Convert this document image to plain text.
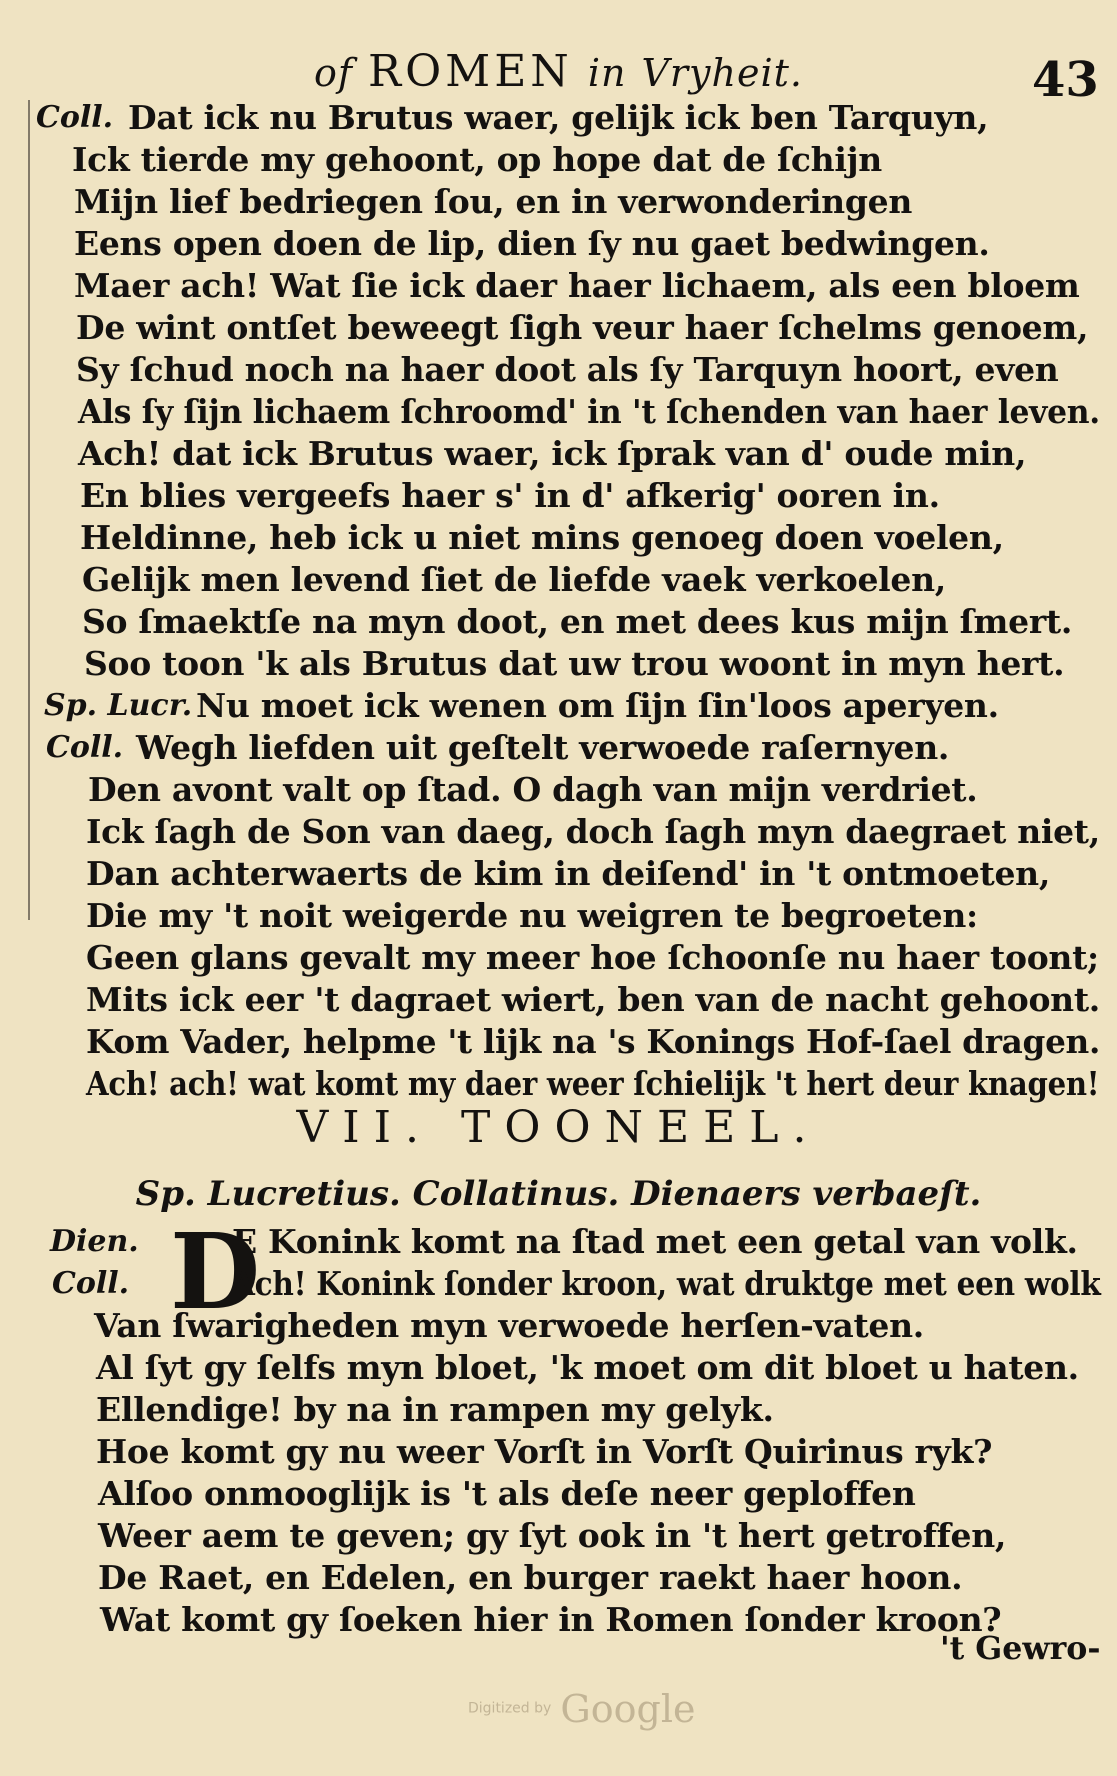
of ROMEN in Vryheit.	43
Coll. Dat ick nu Brutus waer, gelijk ick ben Tarquyn,
Ick tierde my gehoont, op hope dat de ſchijn
Mijn lief bedriegen ſou, en in verwonderingen
Eens open doen de lip, dien ſy nu gaet bedwingen.
Maer ach! Wat ſie ick daer haer lichaem, als een bloem
De wint ontſet beweegt ſigh veur haer ſchelms genoem,
Sy ſchud noch na haer doot als ſy Tarquyn hoort, even
Als ſy ſijn lichaem ſchroomd' in 't ſchenden van haer leven.
Ach! dat ick Brutus waer, ick ſprak van d' oude min,
En blies vergeefs haer s' in d' afkerig' ooren in.
Heldinne, heb ick u niet mins genoeg doen voelen,
Gelijk men levend ſiet de liefde vaek verkoelen,
So ſmaektſe na myn doot, en met dees kus mijn ſmert.
Soo toon 'k als Brutus dat uw trou woont in myn hert.
Sp. Lucr. Nu moet ick wenen om ſijn ſin'loos aperyen.
Coll. Wegh liefden uit geſtelt verwoede raſernyen.
Den avont valt op ſtad. O dagh van mijn verdriet.
Ick ſagh de Son van daeg, doch ſagh myn daegraet niet,
Dan achterwaerts de kim in deiſend' in 't ontmoeten,
Die my 't noit weigerde nu weigren te begroeten:
Geen glans gevalt my meer hoe ſchoonſe nu haer toont;
Mits ick eer 't dagraet wiert, ben van de nacht gehoont.
Kom Vader, helpme 't lijk na 's Konings Hof-ſael dragen.
Ach! ach! wat komt my daer weer ſchielijk 't hert deur knagen!
VII. TOONEEL.
Sp. Lucretius. Collatinus. Dienaers verbaeſt.
D
Dien.	E Konink komt na ſtad met een getal van volk.
Coll.	Ach! Konink ſonder kroon, wat druktge met een wolk
Van ſwarigheden myn verwoede herſen-vaten.
Al ſyt gy ſelfs myn bloet, 'k moet om dit bloet u haten.
Ellendige! by na in rampen my gelyk.
Hoe komt gy nu weer Vorſt in Vorſt Quirinus ryk?
Alſoo onmooglijk is 't als deſe neer geploffen
Weer aem te geven; gy ſyt ook in 't hert getroffen,
De Raet, en Edelen, en burger raekt haer hoon.
Wat komt gy ſoeken hier in Romen ſonder kroon?
't Gewro-
Digitized by Google
